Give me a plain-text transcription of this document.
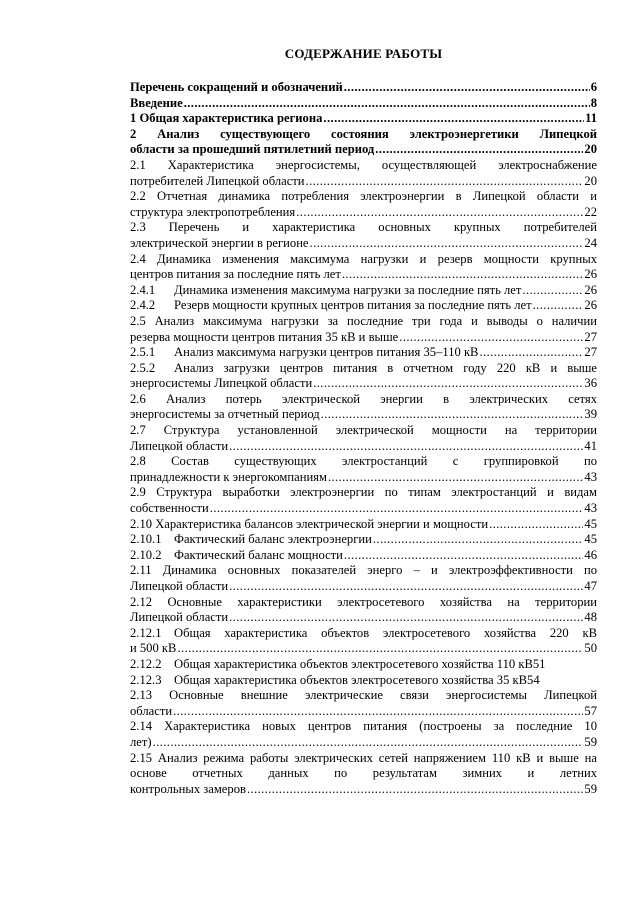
СОДЕРЖАНИЕ РАБОТЫ
Перечень сокращений и обозначений .....	6
Введение .....	8
1 Общая характеристика региона .....	11
2 Анализ существующего состояния электроэнергетики Липецкой
области за прошедший пятилетний период .....	20
2.1 Характеристика энергосистемы, осуществляющей электроснабжение
потребителей Липецкой области .....	20
2.2 Отчетная динамика потребления электроэнергии в Липецкой области и
структура электропотребления .....	22
2.3 Перечень и характеристика основных крупных потребителей
электрической энергии в регионе .....	24
2.4 Динамика изменения максимума нагрузки и резерв мощности крупных
центров питания за последние пять лет .....	26
2.4.1 Динамика изменения максимума нагрузки за последние пять лет .....	26
2.4.2 Резерв мощности крупных центров питания за последние пять лет .....	26
2.5 Анализ максимума нагрузки за последние три года и выводы о наличии
резерва мощности центров питания 35 кВ и выше .....	27
2.5.1 Анализ максимума нагрузки центров питания 35–110 кВ .....	27
2.5.2 Анализ загрузки центров питания в отчетном году 220 кВ и выше
энергосистемы Липецкой области .....	36
2.6 Анализ потерь электрической энергии в электрических сетях
энергосистемы за отчетный период .....	39
2.7 Структура установленной электрической мощности на территории
Липецкой области .....	41
2.8 Состав существующих электростанций с группировкой по
принадлежности к энергокомпаниям .....	43
2.9 Структура выработки электроэнергии по типам электростанций и видам
собственности .....	43
2.10 Характеристика балансов электрической энергии и мощности .....	45
2.10.1 Фактический баланс электроэнергии .....	45
2.10.2 Фактический баланс мощности .....	46
2.11 Динамика основных показателей энерго – и электроэффективности по
Липецкой области .....	47
2.12 Основные характеристики электросетевого хозяйства на территории
Липецкой области .....	48
2.12.1 Общая характеристика объектов электросетевого хозяйства 220 кВ
и 500 кВ .....	50
2.12.2 Общая характеристика объектов электросетевого хозяйства 110 кВ 51
2.12.3 Общая характеристика объектов электросетевого хозяйства 35 кВ 54
2.13 Основные внешние электрические связи энергосистемы Липецкой
области .....	57
2.14 Характеристика новых центров питания (построены за последние 10
лет) .....	59
2.15 Анализ режима работы электрических сетей напряжением 110 кВ и выше на основе отчетных данных по результатам зимних и летних
контрольных замеров .....	59
